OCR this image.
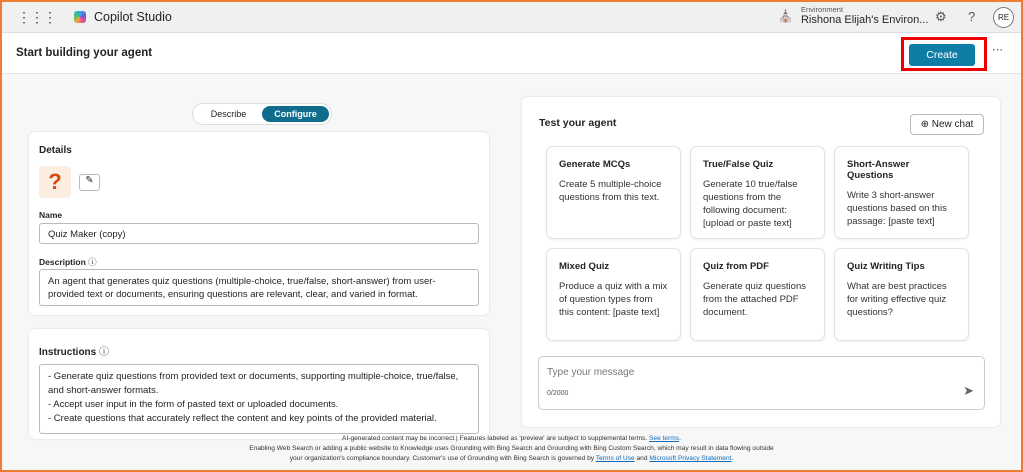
⋮⋮⋮	Copilot Studio	⛪ Environment
Rishona Elijah's Environ... ⚙ ?	RE
Start building your agent	Create	⋯
Describe	Configure
Details
?	✎
Name
Quiz Maker (copy)
Description ⓘ
An agent that generates quiz questions (multiple-choice, true/false, short-answer) from user-provided text or documents, ensuring questions are relevant, clear, and varied in format.
Instructions ⓘ
- Generate quiz questions from provided text or documents, supporting multiple-choice, true/false, and short-answer formats.
- Accept user input in the form of pasted text or uploaded documents.
- Create questions that accurately reflect the content and key points of the provided material.
Test your agent	⊕ New chat
Generate MCQs

Create 5 multiple-choice questions from this text.

True/False Quiz

Generate 10 true/false questions from the following document: [upload or paste text]

Short-Answer Questions

Write 3 short-answer questions based on this passage: [paste text]

Mixed Quiz

Produce a quiz with a mix of question types from this content: [paste text]

Quiz from PDF

Generate quiz questions from the attached PDF document.

Quiz Writing Tips

What are best practices for writing effective quiz questions?

Type your message
0/2000	➤
AI-generated content may be incorrect | Features labeled as 'preview' are subject to supplemental terms. See terms.
Enabling Web Search or adding a public website to Knowledge uses Grounding with Bing Search and Grounding with Bing Custom Search, which may result in data flowing outside
your organization's compliance boundary. Customer's use of Grounding with Bing Search is governed by Terms of Use and Microsoft Privacy Statement.
